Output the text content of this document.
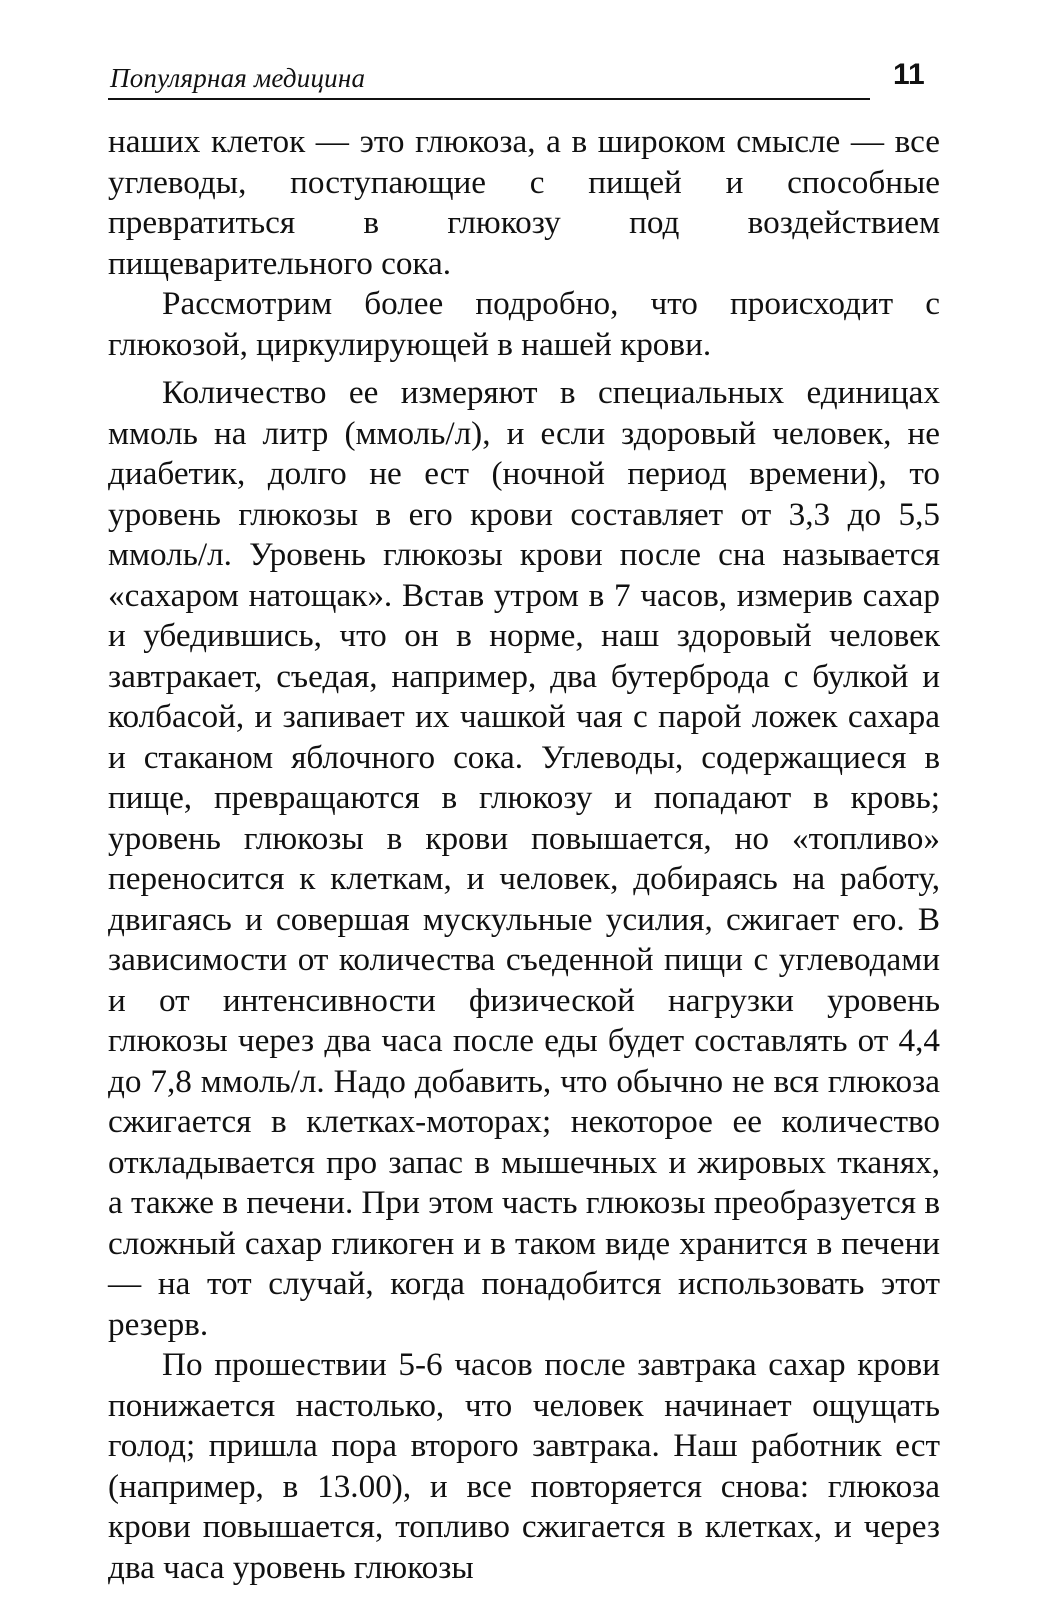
Популярная медицина	11

наших клеток — это глюкоза, а в широком смысле — все углеводы, поступающие с пищей и способные превратиться в глюкозу под воздействием пищеварительного сока.

Рассмотрим более подробно, что происходит с глюкозой, циркулирующей в нашей крови.

Количество ее измеряют в специальных единицах ммоль на литр (ммоль/л), и если здоровый человек, не диабетик, долго не ест (ночной период времени), то уровень глюкозы в его крови составляет от 3,3 до 5,5 ммоль/л. Уровень глюкозы крови после сна называется «сахаром натощак». Встав утром в 7 часов, измерив сахар и убедившись, что он в норме, наш здоровый человек завтракает, съедая, например, два бутерброда с булкой и колбасой, и запивает их чашкой чая с парой ложек сахара и стаканом яблочного сока. Углеводы, содержащиеся в пище, превращаются в глюкозу и попадают в кровь; уровень глюкозы в крови повышается, но «топливо» переносится к клеткам, и человек, добираясь на работу, двигаясь и совершая мускульные усилия, сжигает его. В зависимости от количества съеденной пищи с углеводами и от интенсивности физической нагрузки уровень глюкозы через два часа после еды будет составлять от 4,4 до 7,8 ммоль/л. Надо добавить, что обычно не вся глюкоза сжигается в клетках-моторах; некоторое ее количество откладывается про запас в мышечных и жировых тканях, а также в печени. При этом часть глюкозы преобразуется в сложный сахар гликоген и в таком виде хранится в печени — на тот случай, когда понадобится использовать этот резерв.

По прошествии 5-6 часов после завтрака сахар крови понижается настолько, что человек начинает ощущать голод; пришла пора второго завтрака. Наш работник ест (например, в 13.00), и все повторяется снова: глюкоза крови повышается, топливо сжигается в клетках, и через два часа уровень глюкозы
